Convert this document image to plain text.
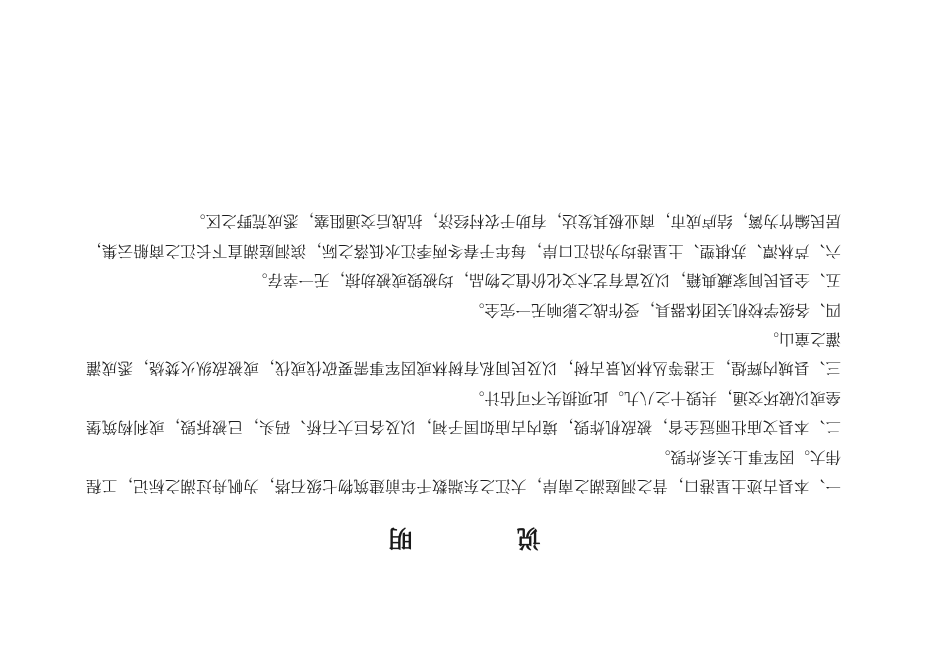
说　明

一、本县古迹土星港口，昔之洞庭湖之南岸，大江之东端数千年前建筑物七级石塔，为帆舟过湖之标记，工程伟大。因军事上关系炸毁。

二、本县文庙壮丽冠全省，被敌机炸毁，境内古庙如国子祠，以及各巨大石桥、码头，已被拆毁，或利构筑堡垒或以破坏交通，共毁十之八九。此项损失不可估计。

三、县城内辉煌，王港等丛林风景古树，以及民间私有树林或因军事需要砍伐或伐，或被敌纵火焚烧，悉成灌灌之童山。

四、各级学校机关团体器具，受作战之影响无一完全。

五、全县民间家藏典籍，以及富有艺术文化价值之物品，均被毁或被劫掠，无一幸存。

六、芦林潭、苏棋塑、土星港均为沿江口岸，每年于春冬两季江水低落之际，滨洞庭湖直下长江之商船云集，居民編竹为篱，结庐成市，商业极其发达，有助于农村经济，抗战后交通阻塞，悉成荒野之区。
